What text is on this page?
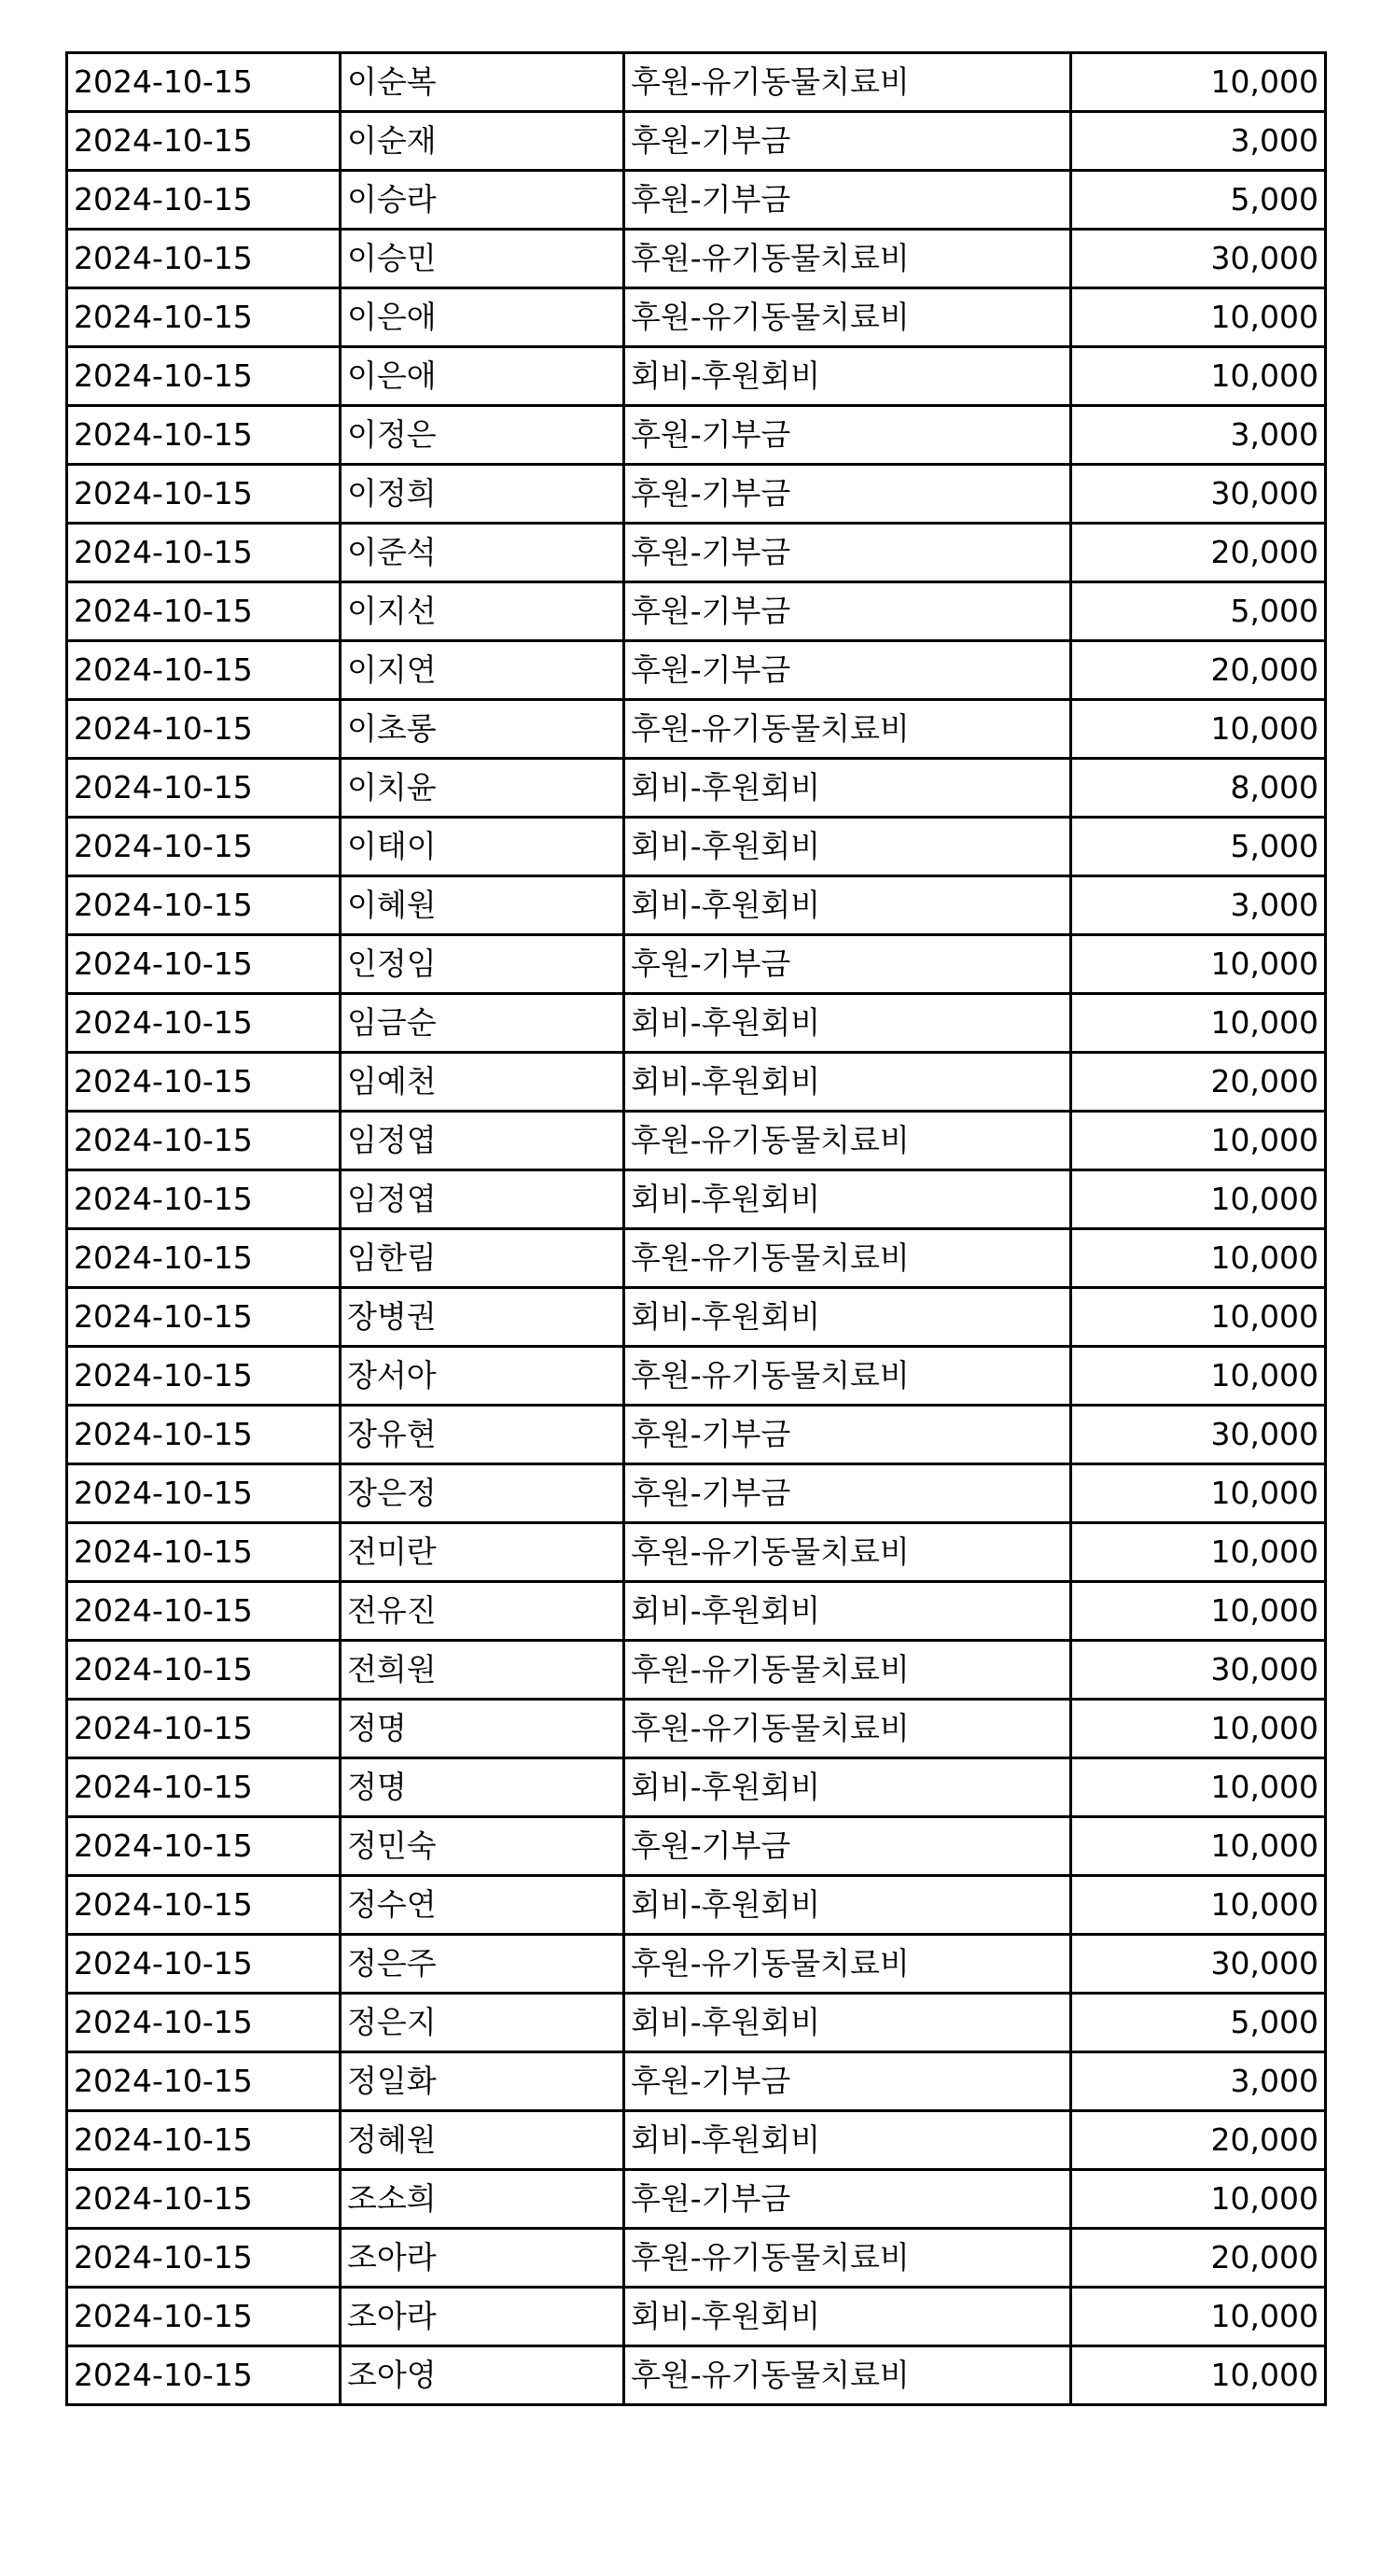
2024-10-15	이순복	후원-유기동물치료비	10,000
2024-10-15	이순재	후원-기부금	3,000
2024-10-15	이승라	후원-기부금	5,000
2024-10-15	이승민	후원-유기동물치료비	30,000
2024-10-15	이은애	후원-유기동물치료비	10,000
2024-10-15	이은애	회비-후원회비	10,000
2024-10-15	이정은	후원-기부금	3,000
2024-10-15	이정희	후원-기부금	30,000
2024-10-15	이준석	후원-기부금	20,000
2024-10-15	이지선	후원-기부금	5,000
2024-10-15	이지연	후원-기부금	20,000
2024-10-15	이초롱	후원-유기동물치료비	10,000
2024-10-15	이치윤	회비-후원회비	8,000
2024-10-15	이태이	회비-후원회비	5,000
2024-10-15	이혜원	회비-후원회비	3,000
2024-10-15	인정임	후원-기부금	10,000
2024-10-15	임금순	회비-후원회비	10,000
2024-10-15	임예천	회비-후원회비	20,000
2024-10-15	임정엽	후원-유기동물치료비	10,000
2024-10-15	임정엽	회비-후원회비	10,000
2024-10-15	임한림	후원-유기동물치료비	10,000
2024-10-15	장병권	회비-후원회비	10,000
2024-10-15	장서아	후원-유기동물치료비	10,000
2024-10-15	장유현	후원-기부금	30,000
2024-10-15	장은정	후원-기부금	10,000
2024-10-15	전미란	후원-유기동물치료비	10,000
2024-10-15	전유진	회비-후원회비	10,000
2024-10-15	전희원	후원-유기동물치료비	30,000
2024-10-15	정명	후원-유기동물치료비	10,000
2024-10-15	정명	회비-후원회비	10,000
2024-10-15	정민숙	후원-기부금	10,000
2024-10-15	정수연	회비-후원회비	10,000
2024-10-15	정은주	후원-유기동물치료비	30,000
2024-10-15	정은지	회비-후원회비	5,000
2024-10-15	정일화	후원-기부금	3,000
2024-10-15	정혜원	회비-후원회비	20,000
2024-10-15	조소희	후원-기부금	10,000
2024-10-15	조아라	후원-유기동물치료비	20,000
2024-10-15	조아라	회비-후원회비	10,000
2024-10-15	조아영	후원-유기동물치료비	10,000
